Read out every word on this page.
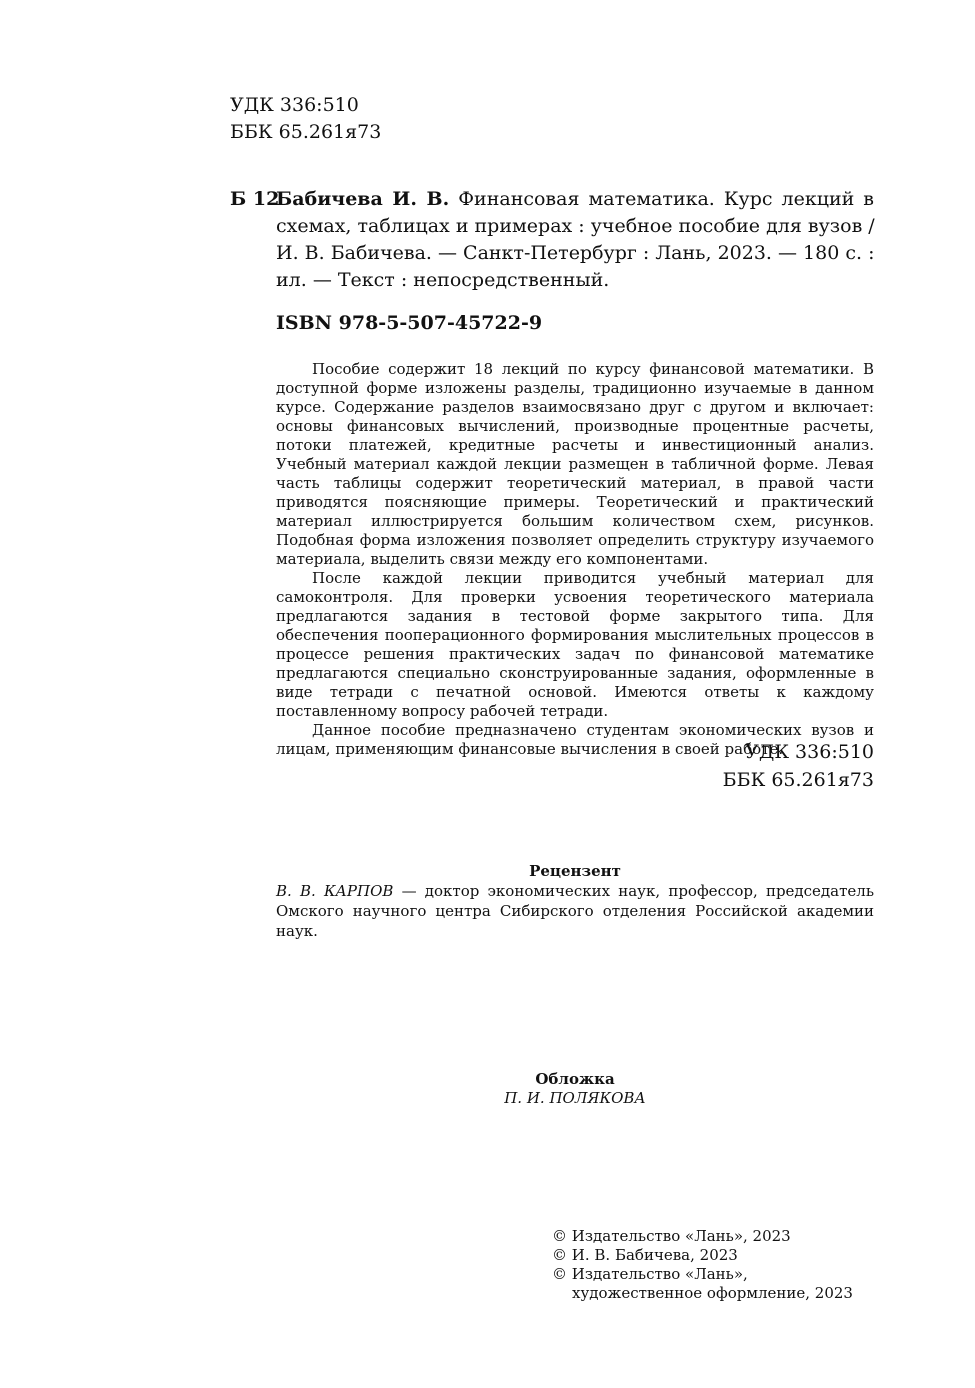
УДК 336:510
ББК 65.261я73
Б 12
Бабичева И. В. Финансовая математика. Курс лекций в
схемах, таблицах и примерах : учебное пособие для вузов /
И. В. Бабичева. — Санкт-Петербург : Лань, 2023. — 180 с. :
ил. — Текст : непосредственный.
ISBN 978-5-507-45722-9

Пособие содержит 18 лекций по курсу финансовой математики. В доступной форме изложены разделы, традиционно изучаемые в данном курсе. Содержание разделов взаимосвязано друг с другом и включает: основы финансовых вычислений, производные процентные расчеты, потоки платежей, кредитные расчеты и инвестиционный анализ. Учебный материал каждой лекции размещен в табличной форме. Левая часть таблицы содержит теоретический материал, в правой части приводятся поясняющие примеры. Теоретический и практический материал иллюстрируется большим количеством схем, рисунков. Подобная форма изложения позволяет определить структуру изучаемого материала, выделить связи между его компонентами.

После каждой лекции приводится учебный материал для самоконтроля. Для проверки усвоения теоретического материала предлагаются задания в тестовой форме закрытого типа. Для обеспечения пооперационного формирования мыслительных процессов в процессе решения практических задач по финансовой математике предлагаются специально сконструированные задания, оформленные в виде тетради с печатной основой. Имеются ответы к каждому поставленному вопросу рабочей тетради.

Данное пособие предназначено студентам экономических вузов и лицам, применяющим финансовые вычисления в своей работе.

УДК 336:510
ББК 65.261я73
Рецензент
В. В. КАРПОВ — доктор экономических наук, профессор, председатель Омского научного центра Сибирского отделения Российской академии наук.
Обложка
П. И. ПОЛЯКОВА
© Издательство «Лань», 2023
© И. В. Бабичева, 2023
© Издательство «Лань»,
художественное оформление, 2023
